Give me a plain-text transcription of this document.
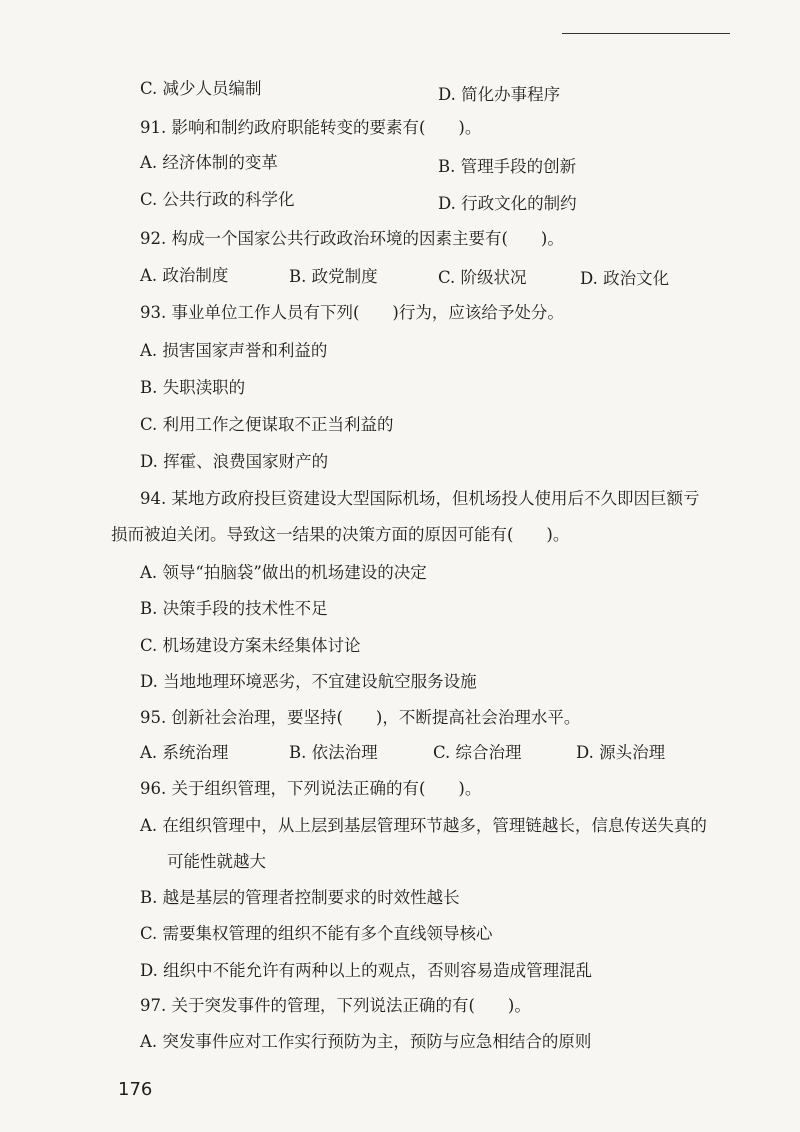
C. 减少人员编制	D. 简化办事程序
91. 影响和制约政府职能转变的要素有(　　)。
A. 经济体制的变革	B. 管理手段的创新
C. 公共行政的科学化	D. 行政文化的制约
92. 构成一个国家公共行政政治环境的因素主要有(　　)。
A. 政治制度	B. 政党制度	C. 阶级状况	D. 政治文化
93. 事业单位工作人员有下列(　　)行为，应该给予处分。
A. 损害国家声誉和利益的
B. 失职渎职的
C. 利用工作之便谋取不正当利益的
D. 挥霍、浪费国家财产的
94. 某地方政府投巨资建设大型国际机场，但机场投人使用后不久即因巨额亏
损而被迫关闭。导致这一结果的决策方面的原因可能有(　　)。
A. 领导“拍脑袋”做出的机场建设的决定
B. 决策手段的技术性不足
C. 机场建设方案未经集体讨论
D. 当地地理环境恶劣，不宜建设航空服务设施
95. 创新社会治理，要坚持(　　)，不断提高社会治理水平。
A. 系统治理	B. 依法治理	C. 综合治理	D. 源头治理
96. 关于组织管理，下列说法正确的有(　　)。
A. 在组织管理中，从上层到基层管理环节越多，管理链越长，信息传送失真的
可能性就越大
B. 越是基层的管理者控制要求的时效性越长
C. 需要集权管理的组织不能有多个直线领导核心
D. 组织中不能允许有两种以上的观点，否则容易造成管理混乱
97. 关于突发事件的管理，下列说法正确的有(　　)。
A. 突发事件应对工作实行预防为主，预防与应急相结合的原则
176
